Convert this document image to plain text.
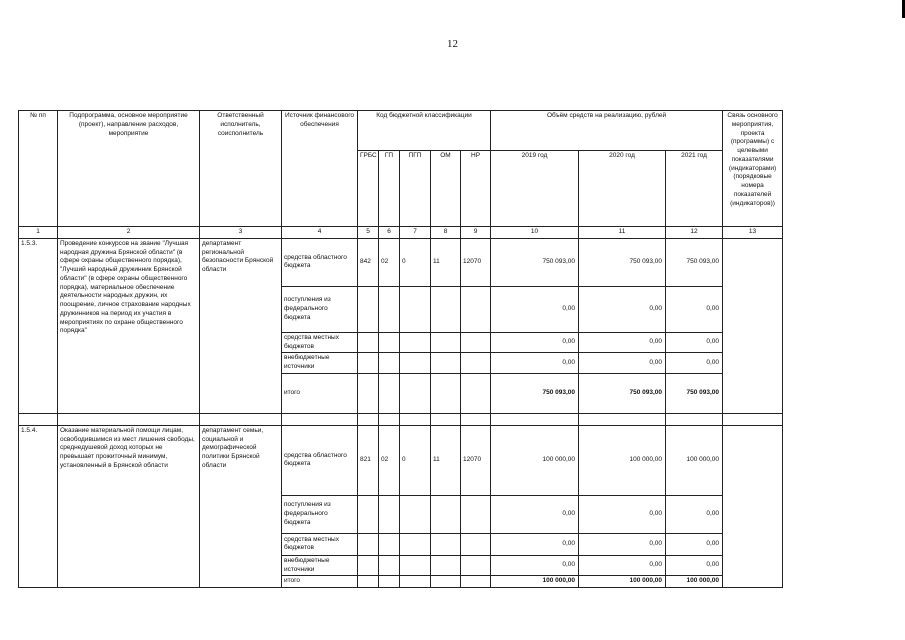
12
№ пп	Подпрограмма, основное мероприятие (проект), направление расходов, мероприятие	Ответственный исполнитель, соисполнитель	Источник финансового обеспечения	Код бюджетной классификации					Объём средств на реализацию, рублей			Связь основного мероприятия, проекта (программы) с целевыми показателями (индикаторами) (порядковые номера показателей (индикаторов))
				ГРБС	ГП	ПГП	ОМ	НР	2019 год	2020 год	2021 год	
1	2	3	4	5	6	7	8	9	10	11	12	13
1.5.3.	Проведение конкурсов на звание "Лучшая народная дружина Брянской области" (в сфере охраны общественного порядка), "Лучший народный дружинник Брянской области" (в сфере охраны общественного порядка), материальное обеспечение деятельности народных дружин, их поощрение, личное страхование народных дружинников на период их участия в мероприятиях по охране общественного порядка"	департамент региональной безопасности Брянской области	средства областного бюджета	842	02	0	11	12070	750 093,00	750 093,00	750 093,00	
			поступления из федерального бюджета						0,00	0,00	0,00	
			средства местных бюджетов						0,00	0,00	0,00	
			внебюджетные источники						0,00	0,00	0,00	
			итого						750 093,00	750 093,00	750 093,00	

1.5.4.	Оказание материальной помощи лицам, освободившимся из мест лишения свободы, среднедушевой доход которых не превышает прожиточный минимум, установленный в Брянской области	департамент семьи, социальной и демографической политики Брянской области	средства областного бюджета	821	02	0	11	12070	100 000,00	100 000,00	100 000,00	
			поступления из федерального бюджета						0,00	0,00	0,00	
			средства местных бюджетов						0,00	0,00	0,00	
			внебюджетные источники						0,00	0,00	0,00	
			итого						100 000,00	100 000,00	100 000,00	
